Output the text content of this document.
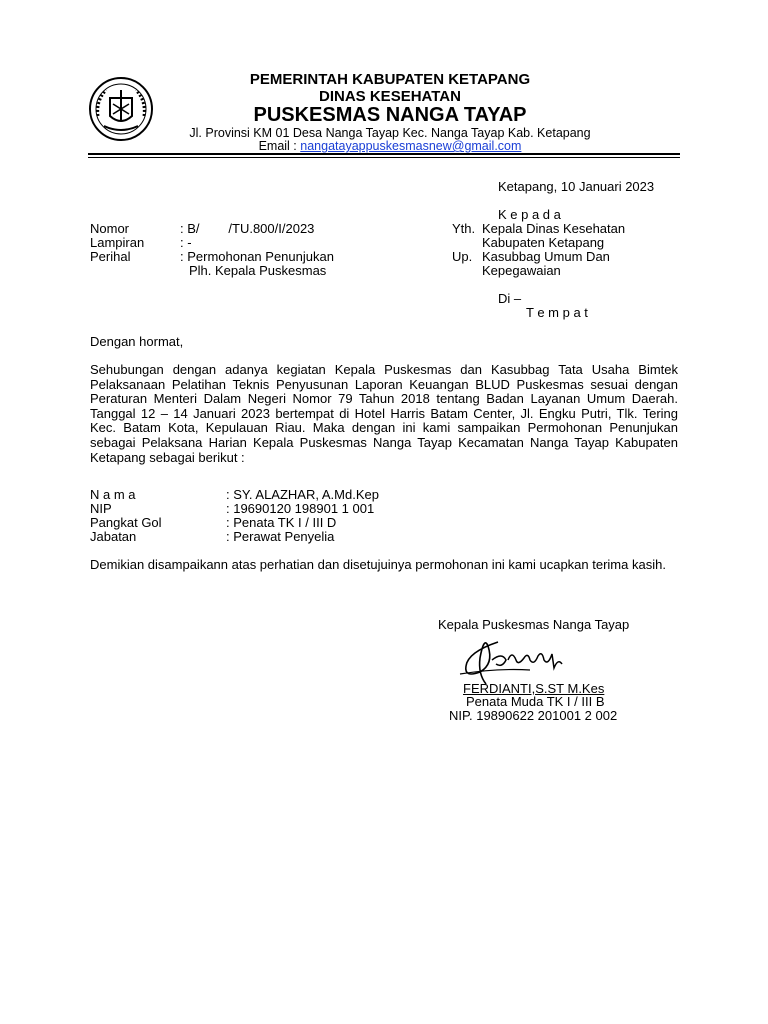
PEMERINTAH KABUPATEN KETAPANG
DINAS KESEHATAN
PUSKESMAS NANGA TAYAP
Jl. Provinsi KM 01 Desa Nanga Tayap Kec. Nanga Tayap Kab. Ketapang
Email : nangatayappuskesmasnew@gmail.com
Ketapang, 10 Januari 2023
Nomor	: B/        /TU.800/I/2023
Lampiran	: -
Perihal	: Permohonan Penunjukan
Plh. Kepala Puskesmas
K e p a d a
Yth. Kepala Dinas Kesehatan
Kabupaten Ketapang
Up. Kasubbag Umum Dan
Kepegawaian
Di –
T e m p a t
Dengan hormat,
Sehubungan dengan adanya kegiatan Kepala Puskesmas dan Kasubbag Tata Usaha Bimtek Pelaksanaan Pelatihan Teknis Penyusunan Laporan Keuangan BLUD Puskesmas sesuai dengan Peraturan Menteri Dalam Negeri Nomor 79 Tahun 2018 tentang Badan Layanan Umum Daerah. Tanggal 12 – 14 Januari 2023 bertempat di Hotel Harris Batam Center, Jl. Engku Putri, Tlk. Tering Kec. Batam Kota, Kepulauan Riau. Maka dengan ini kami sampaikan Permohonan Penunjukan sebagai Pelaksana Harian Kepala Puskesmas Nanga Tayap Kecamatan Nanga Tayap Kabupaten Ketapang sebagai berikut :
N a m a	: SY. ALAZHAR, A.Md.Kep
NIP	: 19690120 198901 1 001
Pangkat Gol	: Penata TK I / III D
Jabatan	: Perawat Penyelia
Demikian disampaikann atas perhatian dan disetujuinya permohonan ini kami ucapkan terima kasih.
Kepala Puskesmas Nanga Tayap
FERDIANTI,S.ST M.Kes
Penata Muda TK I / III B
NIP. 19890622 201001 2 002
